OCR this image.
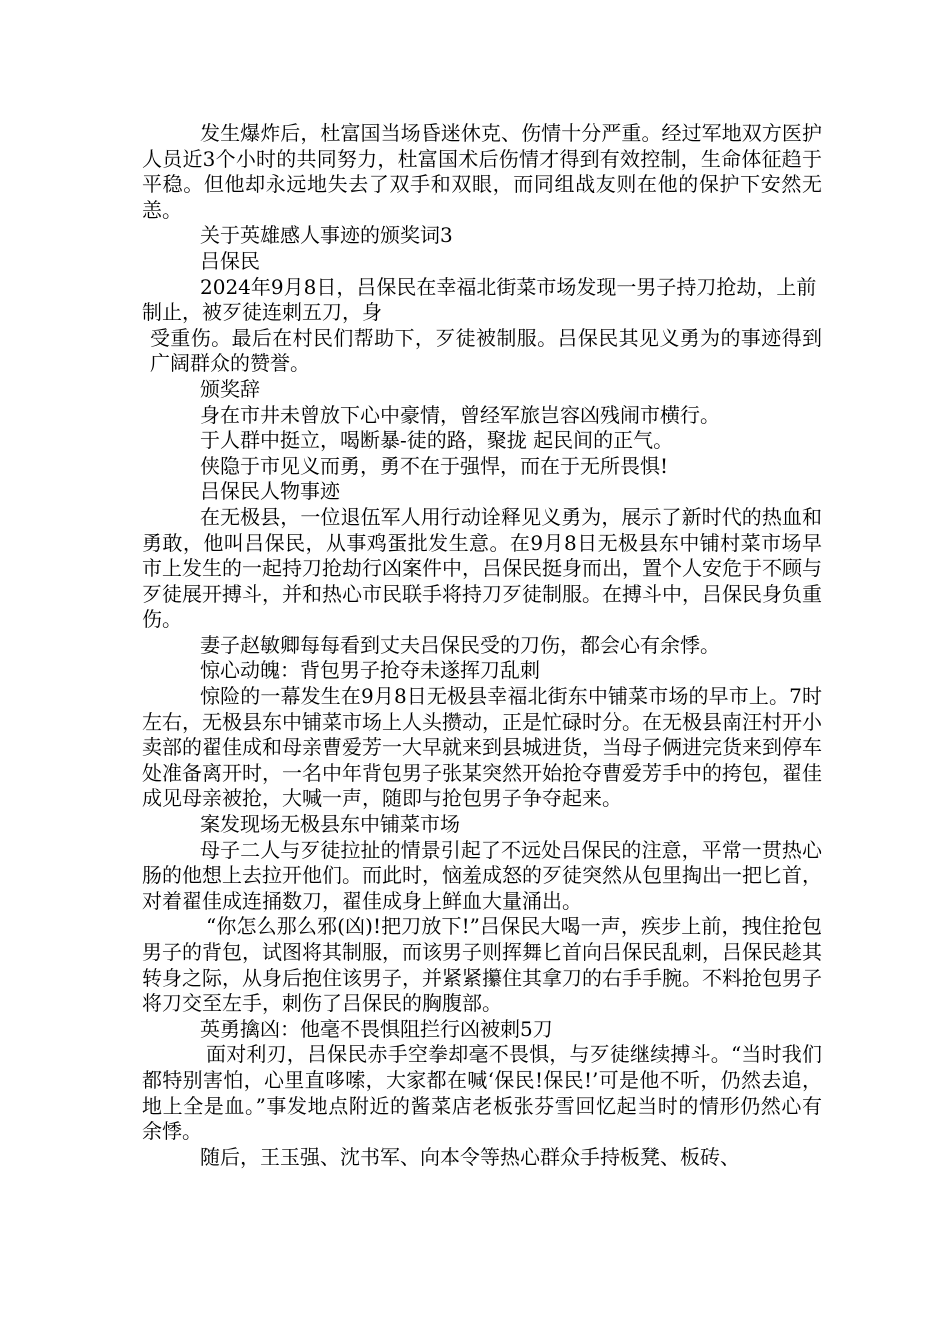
发生爆炸后，杜富国当场昏迷休克、伤情十分严重。经过军地双方医护人员近3个小时的共同努力，杜富国术后伤情才得到有效控制，生命体征趋于平稳。但他却永远地失去了双手和双眼，而同组战友则在他的保护下安然无恙。

关于英雄感人事迹的颁奖词3

吕保民

2024年9月8日，吕保民在幸福北街菜市场发现一男子持刀抢劫，上前制止，被歹徒连刺五刀，身

受重伤。最后在村民们帮助下，歹徒被制服。吕保民其见义勇为的事迹得到广阔群众的赞誉。

颁奖辞

身在市井未曾放下心中豪情，曾经军旅岂容凶残闹市横行。

于人群中挺立，喝断暴-徒的路，聚拢 起民间的正气。

侠隐于市见义而勇，勇不在于强悍，而在于无所畏惧!

吕保民人物事迹

在无极县，一位退伍军人用行动诠释见义勇为，展示了新时代的热血和勇敢，他叫吕保民，从事鸡蛋批发生意。在9月8日无极县东中铺村菜市场早市上发生的一起持刀抢劫行凶案件中，吕保民挺身而出，置个人安危于不顾与歹徒展开搏斗，并和热心市民联手将持刀歹徒制服。在搏斗中，吕保民身负重伤。

妻子赵敏卿每每看到丈夫吕保民受的刀伤，都会心有余悸。

惊心动魄：背包男子抢夺未遂挥刀乱刺

惊险的一幕发生在9月8日无极县幸福北街东中铺菜市场的早市上。7时左右，无极县东中铺菜市场上人头攒动，正是忙碌时分。在无极县南汪村开小卖部的翟佳成和母亲曹爱芳一大早就来到县城进货，当母子俩进完货来到停车处准备离开时，一名中年背包男子张某突然开始抢夺曹爱芳手中的挎包，翟佳成见母亲被抢，大喊一声，随即与抢包男子争夺起来。

案发现场无极县东中铺菜市场

母子二人与歹徒拉扯的情景引起了不远处吕保民的注意，平常一贯热心肠的他想上去拉开他们。而此时，恼羞成怒的歹徒突然从包里掏出一把匕首，对着翟佳成连捅数刀，翟佳成身上鲜血大量涌出。

“你怎么那么邪(凶)!把刀放下!”吕保民大喝一声，疾步上前，拽住抢包男子的背包，试图将其制服，而该男子则挥舞匕首向吕保民乱刺，吕保民趁其转身之际，从身后抱住该男子，并紧紧攥住其拿刀的右手手腕。不料抢包男子将刀交至左手，刺伤了吕保民的胸腹部。

英勇擒凶：他毫不畏惧阻拦行凶被刺5刀

面对利刃，吕保民赤手空拳却毫不畏惧，与歹徒继续搏斗。“当时我们都特别害怕，心里直哆嗦，大家都在喊‘保民!保民!’可是他不听，仍然去追，地上全是血。”事发地点附近的酱菜店老板张芬雪回忆起当时的情形仍然心有余悸。

随后，王玉强、沈书军、向本令等热心群众手持板凳、板砖、
